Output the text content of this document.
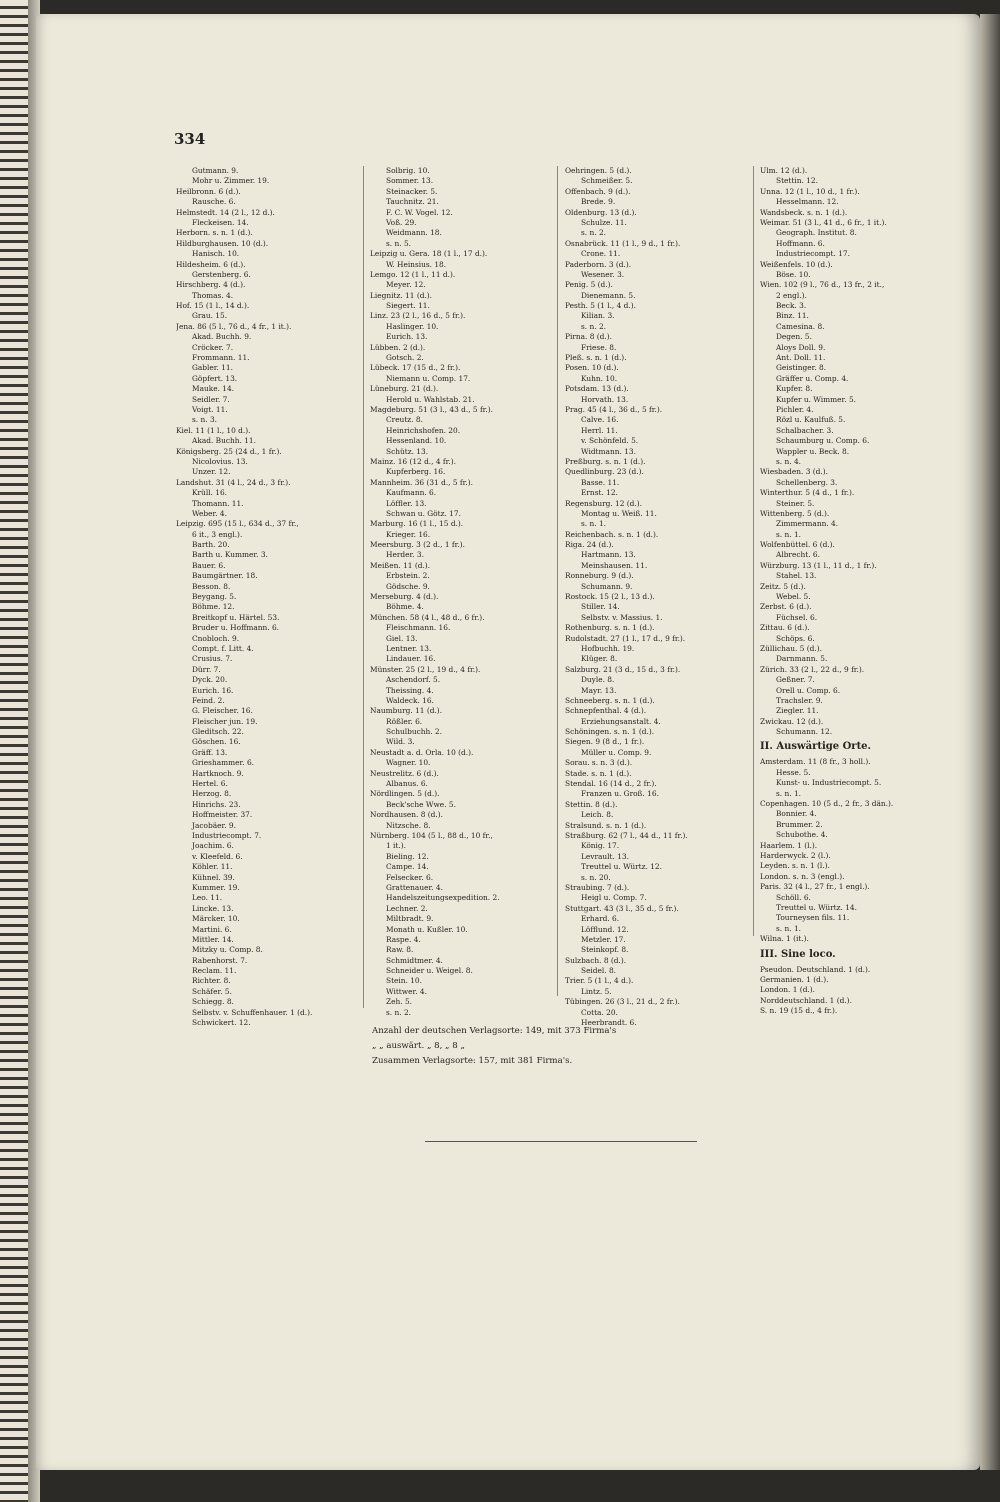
334
Gutmann. 9.
Mohr u. Zimmer. 19.
Heilbronn. 6 (d.).
Rausche. 6.
Helmstedt. 14 (2 l., 12 d.).
Fleckeisen. 14.
Herborn. s. n. 1 (d.).
Hildburghausen. 10 (d.).
Hanisch. 10.
Hildesheim. 6 (d.).
Gerstenberg. 6.
Hirschberg. 4 (d.).
Thomas. 4.
Hof. 15 (1 l., 14 d.).
Grau. 15.
Jena. 86 (5 l., 76 d., 4 fr., 1 it.).
Akad. Buchh. 9.
Cröcker. 7.
Frommann. 11.
Gabler. 11.
Göpfert. 13.
Mauke. 14.
Seidler. 7.
Voigt. 11.
s. n. 3.
Kiel. 11 (1 l., 10 d.).
Akad. Buchh. 11.
Königsberg. 25 (24 d., 1 fr.).
Nicolovius. 13.
Unzer. 12.
Landshut. 31 (4 l., 24 d., 3 fr.).
Krüll. 16.
Thomann. 11.
Weber. 4.
Leipzig. 695 (15 l., 634 d., 37 fr.,
6 it., 3 engl.).
Barth. 20.
Barth u. Kummer. 3.
Bauer. 6.
Baumgärtner. 18.
Besson. 8.
Beygang. 5.
Böhme. 12.
Breitkopf u. Härtel. 53.
Bruder u. Hoffmann. 6.
Cnobloch. 9.
Compt. f. Litt. 4.
Crusius. 7.
Dürr. 7.
Dyck. 20.
Eurich. 16.
Feind. 2.
G. Fleischer. 16.
Fleischer jun. 19.
Gleditsch. 22.
Göschen. 16.
Gräff. 13.
Grieshammer. 6.
Hartknoch. 9.
Hertel. 6.
Herzog. 8.
Hinrichs. 23.
Hoffmeister. 37.
Jacobäer. 9.
Industriecompt. 7.
Joachim. 6.
v. Kleefeld. 6.
Köhler. 11.
Kühnel. 39.
Kummer. 19.
Leo. 11.
Lincke. 13.
Märcker. 10.
Martini. 6.
Mittler. 14.
Mitzky u. Comp. 8.
Rabenhorst. 7.
Reclam. 11.
Richter. 8.
Schäfer. 5.
Schiegg. 8.
Selbstv. v. Schuffenhauer. 1 (d.).
Schwickert. 12.
Solbrig. 10.
Sommer. 13.
Steinacker. 5.
Tauchnitz. 21.
F. C. W. Vogel. 12.
Voß. 29.
Weidmann. 18.
s. n. 5.
Leipzig u. Gera. 18 (1 l., 17 d.).
W. Heinsius. 18.
Lemgo. 12 (1 l., 11 d.).
Meyer. 12.
Liegnitz. 11 (d.).
Siegert. 11.
Linz. 23 (2 l., 16 d., 5 fr.).
Haslinger. 10.
Eurich. 13.
Lübben. 2 (d.).
Gotsch. 2.
Lübeck. 17 (15 d., 2 fr.).
Niemann u. Comp. 17.
Lüneburg. 21 (d.).
Herold u. Wahlstab. 21.
Magdeburg. 51 (3 l., 43 d., 5 fr.).
Creutz. 8.
Heinrichshofen. 20.
Hessenland. 10.
Schütz. 13.
Mainz. 16 (12 d., 4 fr.).
Kupferberg. 16.
Mannheim. 36 (31 d., 5 fr.).
Kaufmann. 6.
Löffler. 13.
Schwan u. Götz. 17.
Marburg. 16 (1 l., 15 d.).
Krieger. 16.
Meersburg. 3 (2 d., 1 fr.).
Herder. 3.
Meißen. 11 (d.).
Erbstein. 2.
Gödsche. 9.
Merseburg. 4 (d.).
Böhme. 4.
München. 58 (4 l., 48 d., 6 fr.).
Fleischmann. 16.
Giel. 13.
Lentner. 13.
Lindauer. 16.
Münster. 25 (2 l., 19 d., 4 fr.).
Aschendorf. 5.
Theissing. 4.
Waldeck. 16.
Naumburg. 11 (d.).
Rößler. 6.
Schulbuchh. 2.
Wild. 3.
Neustadt a. d. Orla. 10 (d.).
Wagner. 10.
Neustrelitz. 6 (d.).
Albanus. 6.
Nördlingen. 5 (d.).
Beck'sche Wwe. 5.
Nordhausen. 8 (d.).
Nitzsche. 8.
Nürnberg. 104 (5 l., 88 d., 10 fr.,
1 it.).
Bieling. 12.
Campe. 14.
Felsecker. 6.
Grattenauer. 4.
Handelszeitungsexpedition. 2.
Lechner. 2.
Miltbradt. 9.
Monath u. Kußler. 10.
Raspe. 4.
Raw. 8.
Schmidtmer. 4.
Schneider u. Weigel. 8.
Stein. 10.
Wittwer. 4.
Zeh. 5.
s. n. 2.
Oehringen. 5 (d.).
Schmeißer. 5.
Offenbach. 9 (d.).
Brede. 9.
Oldenburg. 13 (d.).
Schulze. 11.
s. n. 2.
Osnabrück. 11 (1 l., 9 d., 1 fr.).
Crone. 11.
Paderborn. 3 (d.).
Wesener. 3.
Penig. 5 (d.).
Dienemann. 5.
Pesth. 5 (1 l., 4 d.).
Kilian. 3.
s. n. 2.
Pirna. 8 (d.).
Friese. 8.
Pleß. s. n. 1 (d.).
Posen. 10 (d.).
Kuhn. 10.
Potsdam. 13 (d.).
Horvath. 13.
Prag. 45 (4 l., 36 d., 5 fr.).
Calve. 16.
Herrl. 11.
v. Schönfeld. 5.
Widtmann. 13.
Preßburg. s. n. 1 (d.).
Quedlinburg. 23 (d.).
Basse. 11.
Ernst. 12.
Regensburg. 12 (d.).
Montag u. Weiß. 11.
s. n. 1.
Reichenbach. s. n. 1 (d.).
Riga. 24 (d.).
Hartmann. 13.
Meinshausen. 11.
Ronneburg. 9 (d.).
Schumann. 9.
Rostock. 15 (2 l., 13 d.).
Stiller. 14.
Selbstv. v. Massius. 1.
Rothenburg. s. n. 1 (d.).
Rudolstadt. 27 (1 l., 17 d., 9 fr.).
Hofbuchh. 19.
Klüger. 8.
Salzburg. 21 (3 d., 15 d., 3 fr.).
Duyle. 8.
Mayr. 13.
Schneeberg. s. n. 1 (d.).
Schnepfenthal. 4 (d.).
Erziehungsanstalt. 4.
Schöningen. s. n. 1 (d.).
Siegen. 9 (8 d., 1 fr.).
Müller u. Comp. 9.
Sorau. s. n. 3 (d.).
Stade. s. n. 1 (d.).
Stendal. 16 (14 d., 2 fr.).
Franzen u. Groß. 16.
Stettin. 8 (d.).
Leich. 8.
Stralsund. s. n. 1 (d.).
Straßburg. 62 (7 l., 44 d., 11 fr.).
König. 17.
Levrault. 13.
Treuttel u. Würtz. 12.
s. n. 20.
Straubing. 7 (d.).
Heigl u. Comp. 7.
Stuttgart. 43 (3 l., 35 d., 5 fr.).
Erhard. 6.
Löfflund. 12.
Metzler. 17.
Steinkopf. 8.
Sulzbach. 8 (d.).
Seidel. 8.
Trier. 5 (1 l., 4 d.).
Lintz. 5.
Tübingen. 26 (3 l., 21 d., 2 fr.).
Cotta. 20.
Heerbrandt. 6.
Ulm. 12 (d.).
Stettin. 12.
Unna. 12 (1 l., 10 d., 1 fr.).
Hesselmann. 12.
Wandsbeck. s. n. 1 (d.).
Weimar. 51 (3 l., 41 d., 6 fr., 1 it.).
Geograph. Institut. 8.
Hoffmann. 6.
Industriecompt. 17.
Weißenfels. 10 (d.).
Böse. 10.
Wien. 102 (9 l., 76 d., 13 fr., 2 it.,
2 engl.).
Beck. 3.
Binz. 11.
Camesina. 8.
Degen. 5.
Aloys Doll. 9.
Ant. Doll. 11.
Geistinger. 8.
Gräffer u. Comp. 4.
Kupfer. 8.
Kupfer u. Wimmer. 5.
Pichler. 4.
Rözl u. Kaulfuß. 5.
Schalbacher. 3.
Schaumburg u. Comp. 6.
Wappler u. Beck. 8.
s. n. 4.
Wiesbaden. 3 (d.).
Schellenberg. 3.
Winterthur. 5 (4 d., 1 fr.).
Steiner. 5.
Wittenberg. 5 (d.).
Zimmermann. 4.
s. n. 1.
Wolfenbüttel. 6 (d.).
Albrecht. 6.
Würzburg. 13 (1 l., 11 d., 1 fr.).
Stahel. 13.
Zeitz. 5 (d.).
Webel. 5.
Zerbst. 6 (d.).
Füchsel. 6.
Zittau. 6 (d.).
Schöps. 6.
Züllichau. 5 (d.).
Darnmann. 5.
Zürich. 33 (2 l., 22 d., 9 fr.).
Geßner. 7.
Orell u. Comp. 6.
Trachsler. 9.
Ziegler. 11.
Zwickau. 12 (d.).
Schumann. 12.
II. Auswärtige Orte.
Amsterdam. 11 (8 fr., 3 holl.).
Hesse. 5.
Kunst- u. Industriecompt. 5.
s. n. 1.
Copenhagen. 10 (5 d., 2 fr., 3 dän.).
Bonnier. 4.
Brummer. 2.
Schubothe. 4.
Haarlem. 1 (l.).
Harderwyck. 2 (l.).
Leyden. s. n. 1 (l.).
London. s. n. 3 (engl.).
Paris. 32 (4 l., 27 fr., 1 engl.).
Schöll. 6.
Treuttel u. Würtz. 14.
Tourneysen fils. 11.
s. n. 1.
Wilna. 1 (it.).
III. Sine loco.
Pseudon. Deutschland. 1 (d.).
Germanien. 1 (d.).
London. 1 (d.).
Norddeutschland. 1 (d.).
S. n. 19 (15 d., 4 fr.).
Anzahl der deutschen Verlagsorte: 149, mit 373 Firma's
„ „ auswärt. „ 8, „ 8 „
Zusammen Verlagsorte: 157, mit 381 Firma's.
